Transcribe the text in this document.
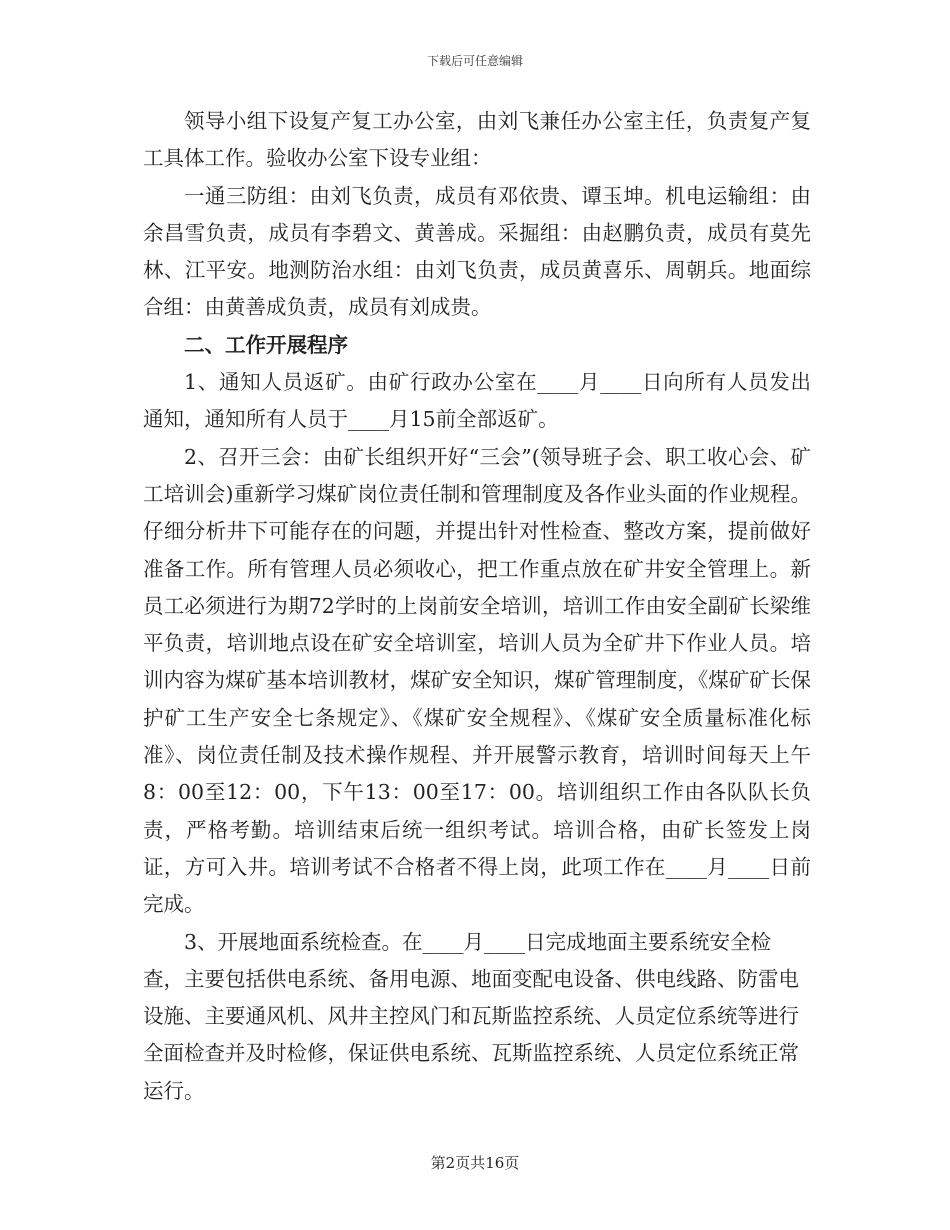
下载后可任意编辑

领导小组下设复产复工办公室，由刘飞兼任办公室主任，负责复产复工具体工作。验收办公室下设专业组：

一通三防组：由刘飞负责，成员有邓依贵、谭玉坤。机电运输组：由余昌雪负责，成员有李碧文、黄善成。采掘组：由赵鹏负责，成员有莫先林、江平安。地测防治水组：由刘飞负责，成员黄喜乐、周朝兵。地面综合组：由黄善成负责，成员有刘成贵。

二、工作开展程序

1、通知人员返矿。由矿行政办公室在____月____日向所有人员发出通知，通知所有人员于____月15前全部返矿。

2、召开三会：由矿长组织开好“三会”(领导班子会、职工收心会、矿工培训会)重新学习煤矿岗位责任制和管理制度及各作业头面的作业规程。仔细分析井下可能存在的问题，并提出针对性检查、整改方案，提前做好准备工作。所有管理人员必须收心，把工作重点放在矿井安全管理上。新员工必须进行为期72学时的上岗前安全培训，培训工作由安全副矿长梁维平负责，培训地点设在矿安全培训室，培训人员为全矿井下作业人员。培训内容为煤矿基本培训教材，煤矿安全知识，煤矿管理制度，《煤矿矿长保护矿工生产安全七条规定》、《煤矿安全规程》、《煤矿安全质量标准化标准》、岗位责任制及技术操作规程、并开展警示教育，培训时间每天上午8：00至12：00，下午13：00至17：00。培训组织工作由各队队长负责，严格考勤。培训结束后统一组织考试。培训合格，由矿长签发上岗证，方可入井。培训考试不合格者不得上岗，此项工作在____月____日前完成。

3、开展地面系统检查。在____月____日完成地面主要系统安全检查，主要包括供电系统、备用电源、地面变配电设备、供电线路、防雷电设施、主要通风机、风井主控风门和瓦斯监控系统、人员定位系统等进行全面检查并及时检修，保证供电系统、瓦斯监控系统、人员定位系统正常运行。

第2页共16页
